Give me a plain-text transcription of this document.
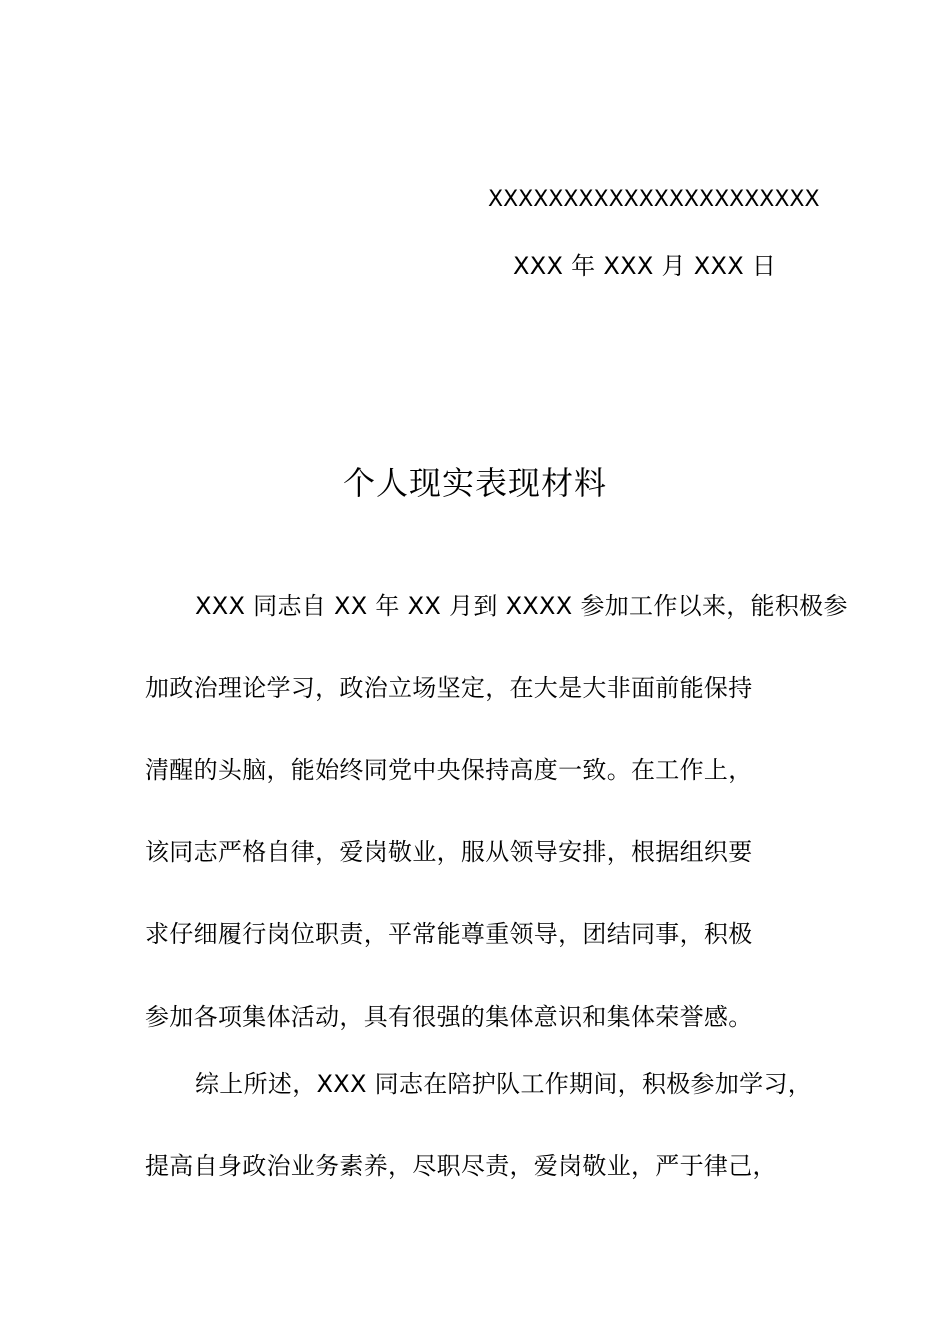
XXXXXXXXXXXXXXXXXXXXXX
XXX 年 XXX 月 XXX 日
个人现实表现材料
XXX 同志自 XX 年 XX 月到 XXXX 参加工作以来，能积极参
加政治理论学习，政治立场坚定，在大是大非面前能保持
清醒的头脑，能始终同党中央保持高度一致。在工作上，
该同志严格自律，爱岗敬业，服从领导安排，根据组织要
求仔细履行岗位职责，平常能尊重领导，团结同事，积极
参加各项集体活动，具有很强的集体意识和集体荣誉感。
综上所述，XXX 同志在陪护队工作期间，积极参加学习，
提高自身政治业务素养，尽职尽责，爱岗敬业，严于律己，
